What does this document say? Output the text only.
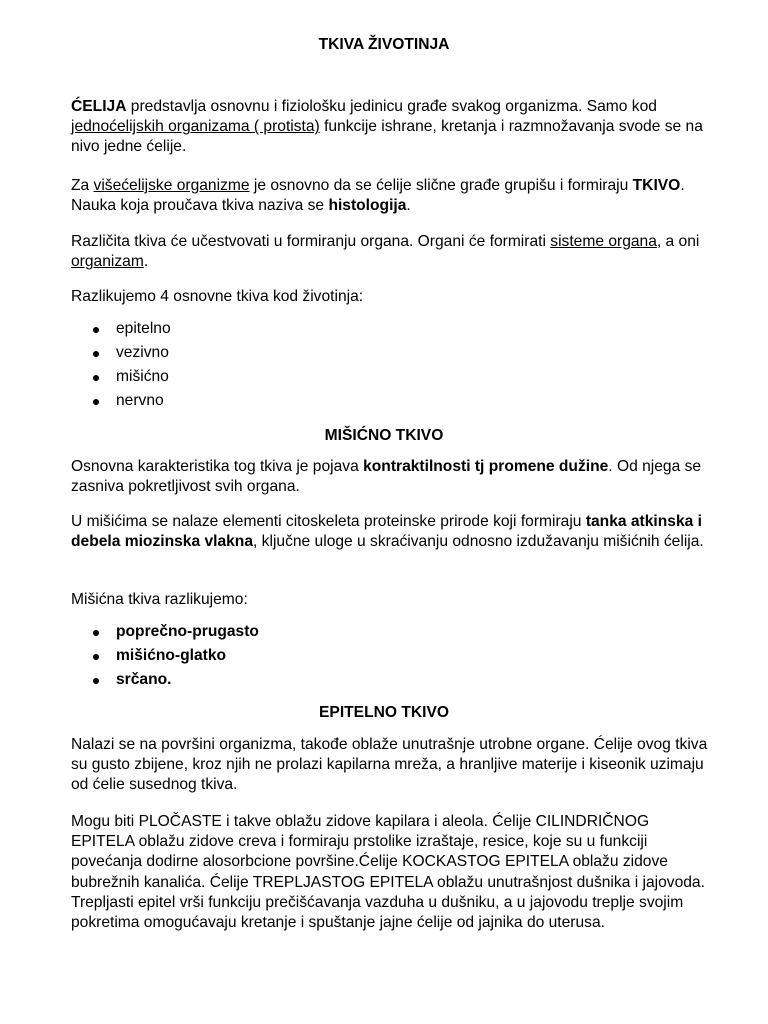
TKIVA ŽIVOTINJA

ĆELIJA predstavlja osnovnu i fiziološku jedinicu građe svakog organizma. Samo kod jednoćelijskih organizama ( protista) funkcije ishrane, kretanja i razmnožavanja svode se na nivo jedne ćelije.

Za višećelijske organizme je osnovno da se ćelije slične građe grupišu i formiraju TKIVO. Nauka koja proučava tkiva naziva se histologija.

Različita tkiva će učestvovati u formiranju organa. Organi će formirati sisteme organa, a oni organizam.

Razlikujemo 4 osnovne tkiva kod životinja:

epitelno
vezivno
mišićno
nervno
MIŠIĆNO TKIVO

Osnovna karakteristika tog tkiva je pojava kontraktilnosti tj promene dužine. Od njega se zasniva pokretljivost svih organa.

U mišićima se nalaze elementi citoskeleta proteinske prirode koji formiraju tanka atkinska i debela miozinska vlakna, ključne uloge u skraćivanju odnosno izdužavanju mišićnih ćelija.

Mišićna tkiva razlikujemo:

poprečno-prugasto
mišićno-glatko
srčano.
EPITELNO TKIVO

Nalazi se na površini organizma, takođe oblaže unutrašnje utrobne organe. Ćelije ovog tkiva su gusto zbijene, kroz njih ne prolazi kapilarna mreža, a hranljive materije i kiseonik uzimaju od ćelie susednog tkiva.

Mogu biti PLOČASTE i takve oblažu zidove kapilara i aleola. Ćelije CILINDRIČNOG EPITELA oblažu zidove creva i formiraju prstolike izraštaje, resice, koje su u funkciji povećanja dodirne alosorbcione površine.Ćelije KOCKASTOG EPITELA oblažu zidove bubrežnih kanalića. Ćelije TREPLJASTOG EPITELA oblažu unutrašnjost dušnika i jajovoda. Trepljasti epitel vrši funkciju prečišćavanja vazduha u dušniku, a u jajovodu treplje svojim pokretima omogućavaju kretanje i spuštanje jajne ćelije od jajnika do uterusa.
